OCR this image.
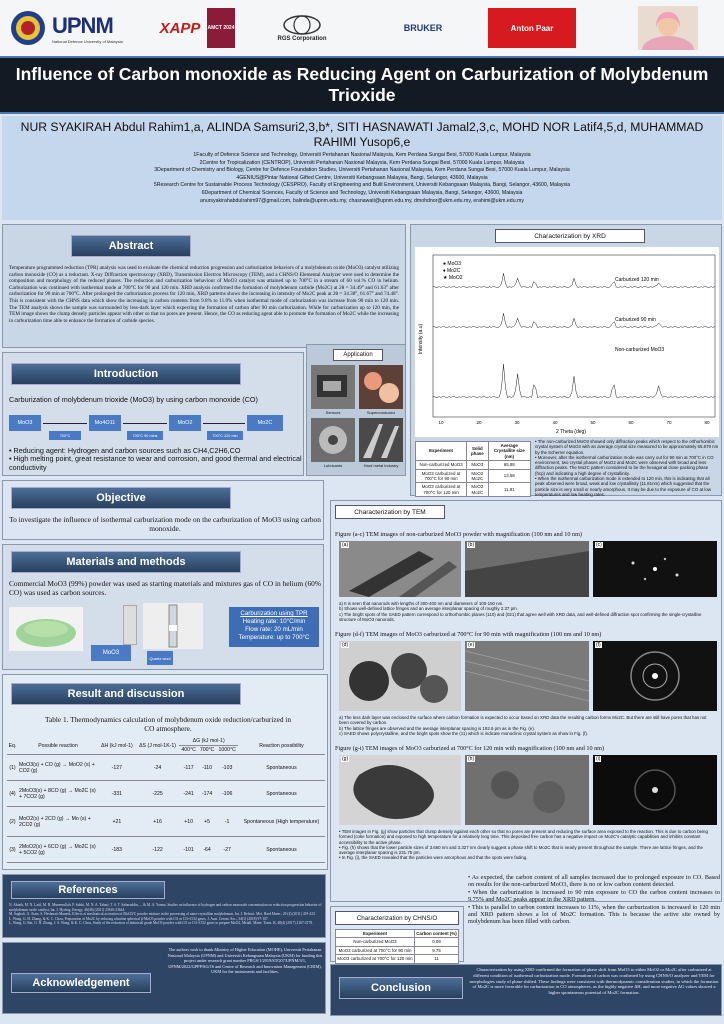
UPNM
National Defence University of Malaysia
XAPP	AMCT 2024
RGS Corporation
BRUKER	Anton Paar
Influence of Carbon monoxide as Reducing Agent on Carburization of Molybdenum Trioxide
NUR SYAKIRAH Abdul Rahim1,a, ALINDA Samsuri2,3,b*, SITI HASNAWATI Jamal2,3,c, MOHD NOR Latif4,5,d, MUHAMMAD RAHIMI Yusop6,e
1Faculty of Defence Science and Technology, Universiti Pertahanan Nasional Malaysia, Kem Perdana Sungai Besi, 57000 Kuala Lumpur, Malaysia
2Centre for Tropicalization (CENTROP), Universiti Pertahanan Nasional Malaysia, Kem Perdana Sungai Besi, 57000 Kuala Lumpur, Malaysia
3Department of Chemistry and Biology, Centre for Defence Foundation Studies, Universiti Pertahanan Nasional Malaysia, Kem Perdana Sungai Besi, 57000 Kuala Lumpur, Malaysia
4GENIUS@Pintar National Gifted Centre, Universiti Kebangsaan Malaysia, Bangi, Selangor, 43600, Malaysia
5Research Centre for Sustainable Process Technology (CESPRO), Faculty of Engineering and Built Environment, Universiti Kebangsaan Malaysia, Bangi, Selangor, 43600, Malaysia
6Department of Chemical Sciences, Faculty of Science and Technology, Universiti Kebangsaan Malaysia, Bangi, Selangor, 43600, Malaysia
anursyakirahabdulrahim97@gmail.com, balinda@upnm.edu.my, chasnawati@upnm.edu.my, dmohdnor@ukm.edu.my, erahimi@ukm.edu.my
Abstract
Temperature programmed reduction (TPR) analysis was used to evaluate the chemical reduction progression and carburization behaviors of a molybdenum oxide (MoO3) catalyst utilizing carbon monoxide (CO) as a reductant. X-ray Diffraction spectroscopy (XRD), Transmission Electron Microscopy (TEM), and a CHNS/O Elemental Analyzer were used to determine the composition and morphology of the reduced phases. The reduction and carburization behaviour of MoO3 catalyst was attained up to 700°C in a stream of 60 vol.% CO in helium. Carburization was continued with isothermal mode at 700°C for 90 and 120 min. XRD analysis confirmed the formation of molybdenum carbide (Mo2C) at 2θ = 34.49° and 61.63° after carburization for 90 min at 700°C. After prolonged the carburization process for 120 min, XRD patterns shows the increasing in intensity of Mo2C peak at 2θ = 34.38°, 61.67° and 74.48°. This is consistent with the CHNS data which show the increasing in carbon contents from 9.8% to 11.0% when isothermal mode of carburization was increase from 90 min to 120 min. The TEM analysis shows the sample was surrounded by less-dark layer which expecting the formation of carbon after 90 min carburization. While for carburization up to 120 min, the TEM image shows the clump densely particles appear with other so that no pores are present. Hence, the CO as reducing agent able to promote the formation of Mo2C while the increasing in carburization time able to enhance the formation of carbide species.
Introduction
Carburization of molybdenum trioxide (MoO3) by using carbon monoxide (CO)
MoO3	Mo4O11	MoO2	Mo2C
700°C	700°C 90 mins	700°C 120 min
• Reducing agent: Hydrogen and carbon sources such as CH4,C2H6,CO
• High melting point, great resistance to wear and corrosion, and good thermal and electrical conductivity
Application
Sensors	Superconductor
Lubricants	Hard metal industry
Objective
To investigate the influence of isothermal carburization mode on the carburization of MoO3 using carbon monoxide.
Materials and methods
Commercial MoO3 (99%) powder was used as starting materials and mixtures gas of CO in helium (60% CO) was used as carbon sources.
MoO3
Quartz wool
Carburization using TPR
Heating rate: 10°C/min
Flow rate: 20 mL/min
Temperature: up to 700°C
Result and discussion
Table 1. Thermodynamics calculation of molybdenum oxide reduction/carburized in CO atmosphere.
Eq.	Possible reaction	ΔH (kJ mol-1)	ΔS (J mol-1K-1)	ΔG (kJ mol-1)			Reaction possibility
				400°C	700°C	1000°C	
(1)	MoO3(s) + CO (g) → MoO2 (s) + CO2 (g)	-127	-24	-117	-110	-103	Spontaneous
(4)	2MoO3(s) + 8CO (g) → Mo2C (s) + 7CO2 (g)	-331	-225	-241	-174	-106	Spontaneous
(2)	MoO2(s) + 2CO (g) → Mo (s) + 2CO2 (g)	+21	+16	+10	+5	-1	Spontaneous (High temperature)
(3)	2MoO2(s) + 6CO (g) → Mo2C (s) + 5CO2 (g)	-183	-122	-101	-64	-27	Spontaneous
References
N. Abiath, M. N. Latif, M. R. Muneerullah, P. Subhi, M. N. A. Tahari, T. S. T. Saharuddin, ... & M. A. Yarmo, Studies on influence of hydrogen and carbon monoxide concentration on reduction progression behavior of molybdenum oxide catalyst, Int. J. Hydrog. Energy, 46(46) (2021) 23616-23644.
M. Saghafi, A. Ataie, S. Heshmati-Manesh, Effects of mechanical activation of MoO3/C powder mixture in the processing of nano-crystalline molybdenum, Int. J. Refract. Met. Hard Mater., 29 (4) (2011) 419-423.
L. Wang, G. H. Zhang, & K. C. Chou, Preparation of Mo2C by reducing ultrafine spherical β-MoO3 powder with CO or CO+CO2 gases, J. Aust. Ceram. Soc., 54(1) (2018) 97-107.
L. Wang, G. Bai, G. H. Zhang, J. S. Wang, & K. C. Chou, Study of the reduction of industrial grade MoO3 powder with CO or CO+CO2 gases to prepare MoO2, Metall. Mater. Trans. B, 48(4) (2017) 2167-2178.
Acknowledgement
The authors wish to thank Ministry of Higher Education (MOHE), Universiti Pertahanan Nasional Malaysia (UPNM) and Universiti Kebangsaan Malaysia (UKM) for funding this project under research grant number FRGS/1/2019/STG07/UPNM/3/1, UPNM/2022/GPPP/SG/16 and Centre of Research and Innovation Management (CRIM), UKM for the instruments and facilities.
Characterization by XRD
10	20	30	40	50	60	70	80
2 Theta (deg)
Intensity (a.u)
● MoO3
♦ Mo2C
★ MoO2	Carburized 120 min
Carburized 90 min
Non-carburized MoO3
Experiment	Solid phase	Average Crystallite size (nm)
Non-carburized MoO3	MoO3	65.88
MoO3 carburized at 700°C for 90 min	MoO2 Mo2C	13.58
MoO3 carburized at 700°C for 120 min	MoO2 Mo2C	11.81
• The non-carburized MoO3 showed only diffraction peaks which respect to the orthorhombic crystal system of MoO3 with an average crystal size measured to be approximately 65.879 nm by the Scherrer equation.
• Moreover, after the isothermal carburization mode was carry out for 90 min at 700°C in CO environment, two crystal phases of MoO2 and Mo2C were observed with broad and less diffraction peaks. The Mo2C pattern considered to be the hexagonal close packing phase (hcp) and indicating a high degree of crystallinity.
• When the isothermal carburization mode is extended to 120 min, this is indicating that all peak observed were broad, weak and low crystallinity (11.81nm) which suggested that the particle size is very small or nearly amorphous. It may be due to the exposure of CO at low temperatures and low heating rates.
Characterization by TEM
Figure (a-c) TEM images of non-carburized MoO3 powder with magnification (100 nm and 10 nm)
(a)	(b)	(c)
a) It is seen that nanorods with lengths of 300-400 nm and diameters of 100-150 nm.
b) Shows well-defined lattice fringes and an average interplanar spacing of roughly 2.37 pm.
c) The bright spots of the SAED pattern correspond to orthorhombic planes (110) and (021) that agree well with XRD data, and well-defined diffraction spot confirming the single-crystalline structure of MoO3 nanorods.
Figure (d-f) TEM images of MoO3 carburized at 700°C for 90 min with magnification (100 nm and 10 nm)
(d)	(e)	(f)
a) The less dark layer was enclosed the surface where carbon formation is expected to occur based on XRD data the resulting carbon forms Mo2C. But there are still have pores that has not been covered by carbon.
b) The lattice fringes are observed and the average interplanar spacing is 192.6 pm as in the Fig. (e).
c) SAED shows polycrystalline, and the bright spots show the (11) which is indicate monoclinic crystal system as show in Fig. (f).
Figure (g-i) TEM images of MoO3 carburized at 700°C for 120 min with magnification (100 nm and 10 nm)
(g)	(h)	(i)
• TEM images in Fig. (g) show particles that clump densely against each other so that no pores are present and reducing the surface area exposed to the reaction. This is due to carbon being formed (coke formation) and exposed to high temperature for a relatively long time. This deposited free carbon has a negative impact on Mo2C's catalytic capabilities and inhibits constant accessibility to the active phase.
• Fig. (h) shows that the lower particle sizes of 3.660 nm and 3.327 nm clearly suggest a phase shift to Mo2C that is nearly present throughout the sample. There are lattice fringes, and the average interplanar spacing is 231.75 pm.
• In Fig. (i), the SAED revealed that the particles were amorphous and that the spots were fading.
Characterization by CHNS/O
Experiment	Carbon content (%)
Non-carburized MoO3	0.08
MoO3 carburized at 700°C for 90 min	9.75
MoO3 carburized at 700°C for 120 min	11
• As expected, the carbon content of all samples increased due to prolonged exposure to CO. Based on results for the non-carburized MoO3, there is no or low carbon content detected.
• When the carburization is increased to 90 min exposure to CO the carbon content increases to 9.75% and Mo2C peaks appear in the XRD pattern.
• This is parallel to carbon content increases to 11%, when the carburization is increased to 120 min and XRD pattern shows a lot of Mo2C formation. This is because the active site owned by molybdenum has been filled with carbon.
Conclusion
Characterization by using XRD confirmed the formation of phase shift from MoO3 to either MoO2 or Mo2C after carburized at different condition of isothermal carburization mode. Formation of carbon was confirmed by using CHNS/O analyzer and TEM for morphologies study of phase shifted. These findings were consistent with thermodynamic consideration studies, in which the formation of Mo2C is more favorable for carburization in CO atmospheres, as the highly negative ΔH, and more negative ΔG values showed a higher spontaneous potential of Mo2C formation.
